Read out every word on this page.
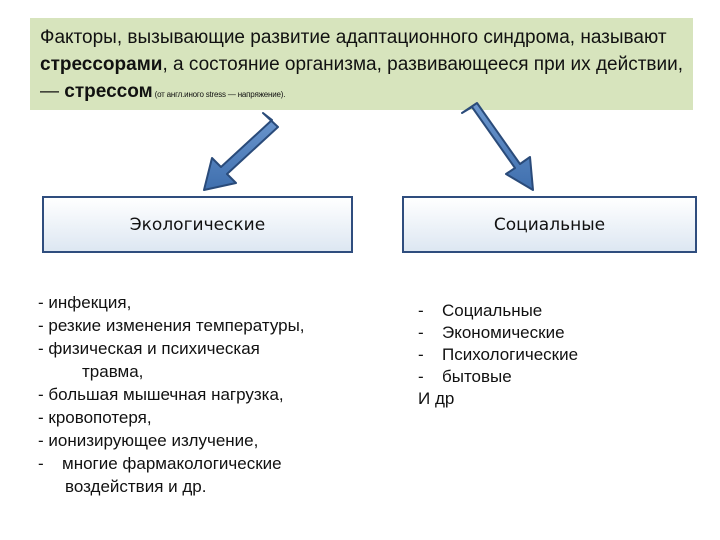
Факторы, вызывающие развитие адаптационного синдрома, называют стрессорами, а состояние организма, развивающееся при их действии, — стрессом (от англ.иного stress — напряжение).
Экологические	Социальные
- инфекция,
- резкие изменения температуры,
- физическая и психическая
травма,
- большая мышечная нагрузка,
- кровопотеря,
- ионизирующее излучение,
- многие фармакологические
воздействия и др.
- Социальные
- Экономические
- Психологические
- бытовые
И др
